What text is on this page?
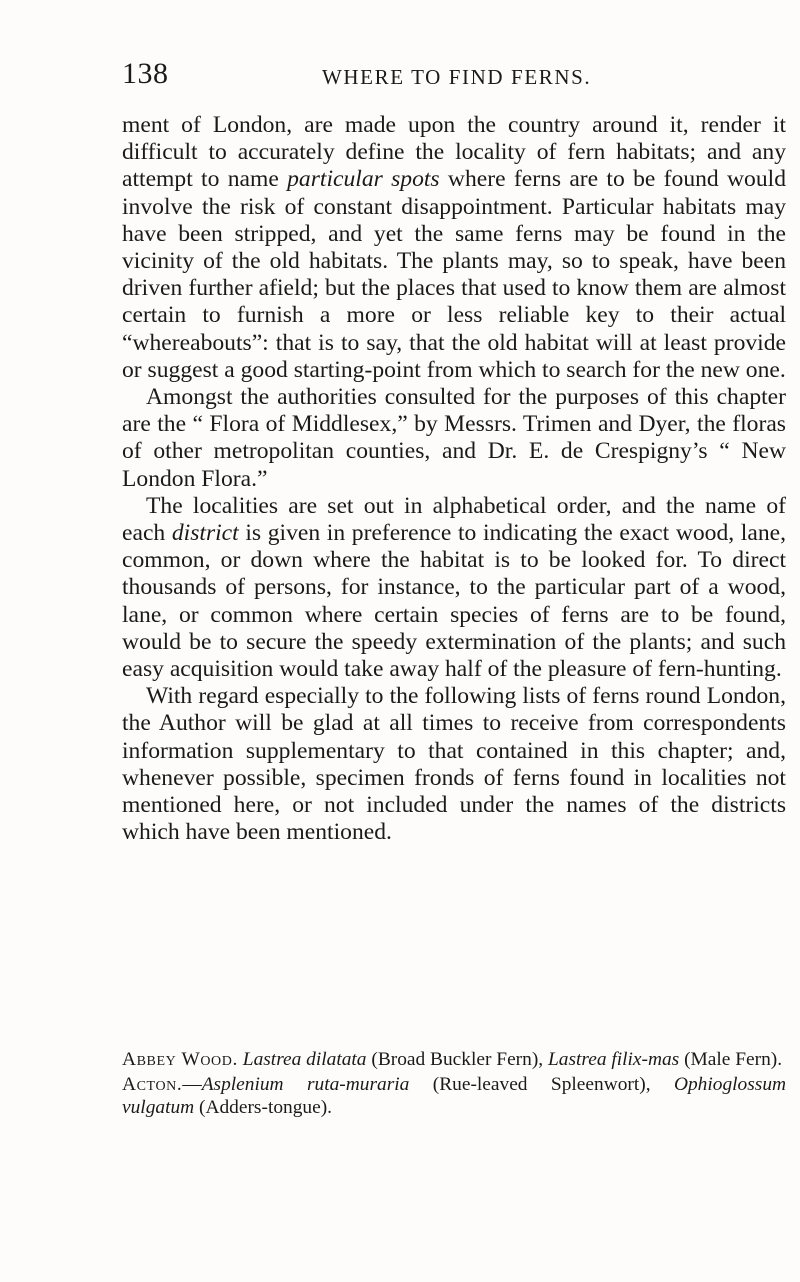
138	WHERE TO FIND FERNS.

ment of London, are made upon the country around it, render it difficult to accurately define the locality of fern habitats; and any attempt to name particular spots where ferns are to be found would involve the risk of constant disappointment. Particular habitats may have been stripped, and yet the same ferns may be found in the vicinity of the old habitats. The plants may, so to speak, have been driven further afield; but the places that used to know them are almost certain to furnish a more or less reliable key to their actual “whereabouts”: that is to say, that the old habitat will at least provide or suggest a good starting-point from which to search for the new one.

Amongst the authorities consulted for the purposes of this chapter are the “ Flora of Middlesex,” by Messrs. Trimen and Dyer, the floras of other metropolitan counties, and Dr. E. de Crespigny’s “ New London Flora.”

The localities are set out in alphabetical order, and the name of each district is given in preference to indicating the exact wood, lane, common, or down where the habitat is to be looked for. To direct thousands of persons, for instance, to the particular part of a wood, lane, or common where certain species of ferns are to be found, would be to secure the speedy extermination of the plants; and such easy acquisition would take away half of the pleasure of fern-hunting.

With regard especially to the following lists of ferns round London, the Author will be glad at all times to receive from correspondents information supplementary to that contained in this chapter; and, whenever possible, specimen fronds of ferns found in localities not mentioned here, or not included under the names of the districts which have been mentioned.

Abbey Wood. Lastrea dilatata (Broad Buckler Fern), Lastrea filix-mas (Male Fern).

Acton.—Asplenium ruta-muraria (Rue-leaved Spleenwort), Ophioglossum vulgatum (Adders-tongue).
